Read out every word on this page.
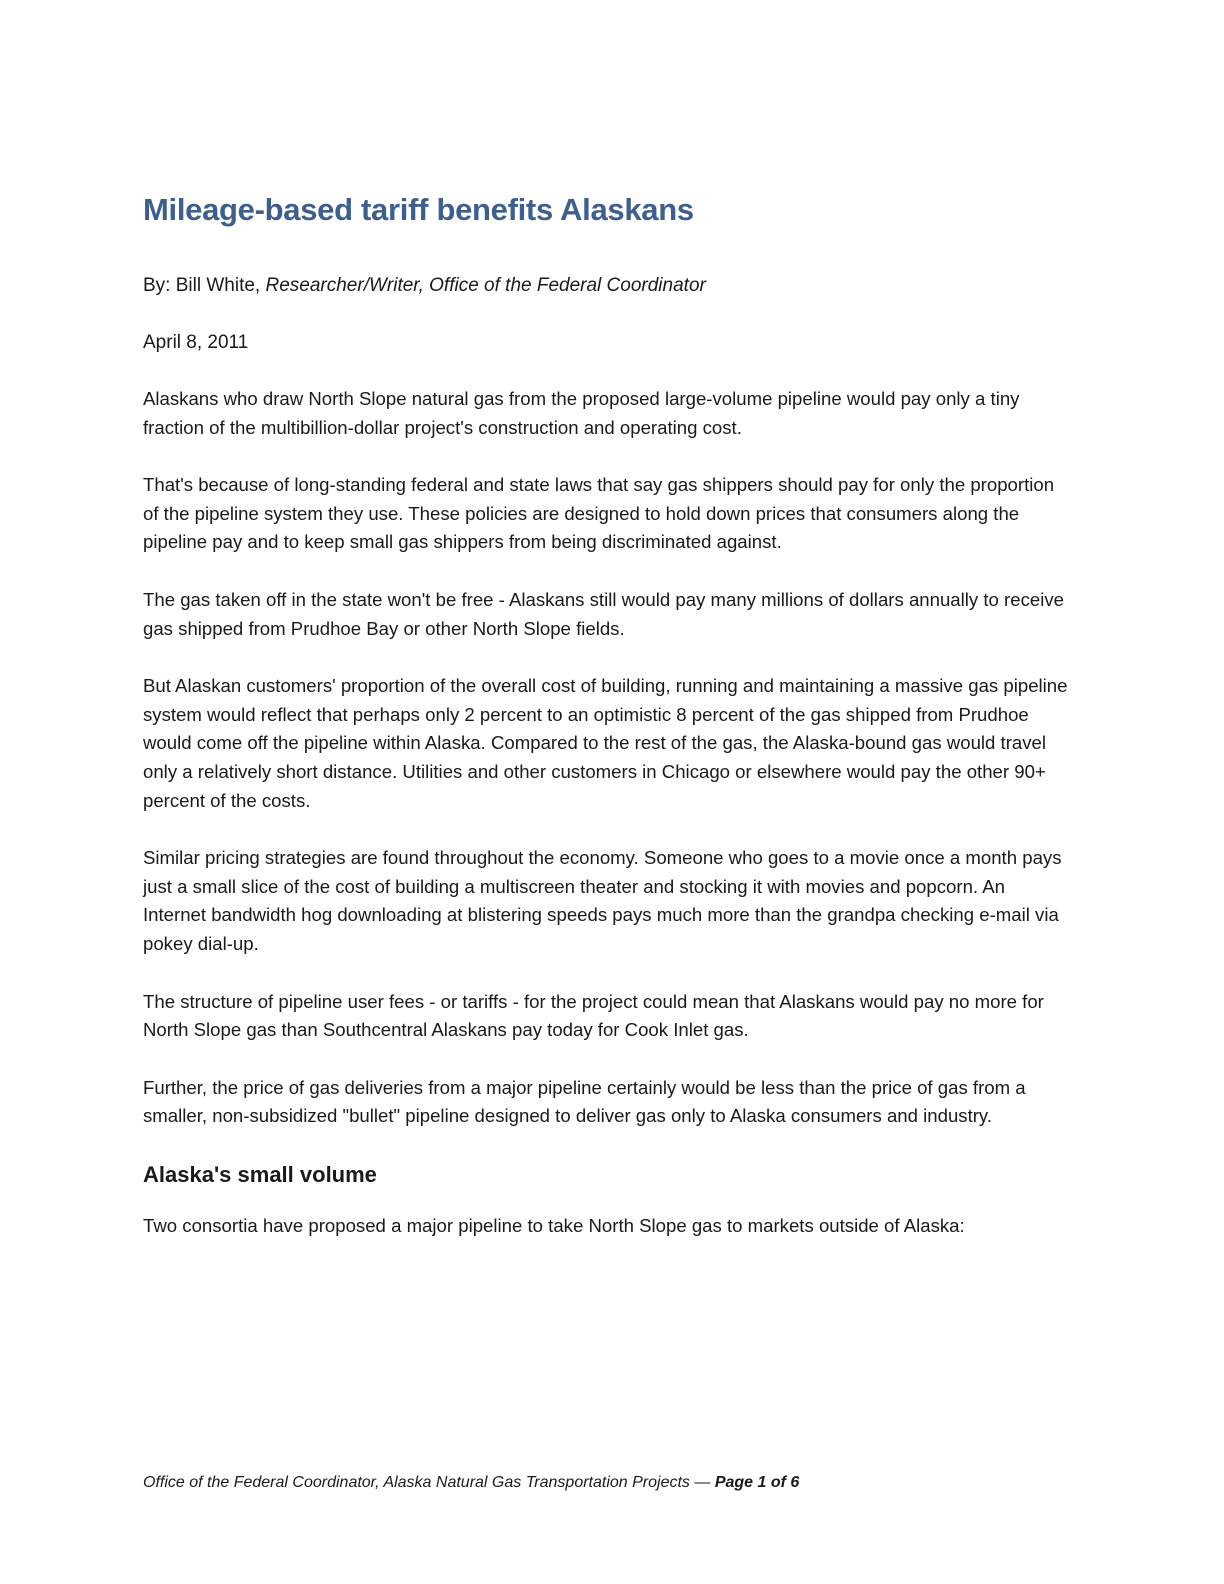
Mileage-based tariff benefits Alaskans

By: Bill White, Researcher/Writer, Office of the Federal Coordinator

April 8, 2011

Alaskans who draw North Slope natural gas from the proposed large-volume pipeline would pay only a tiny fraction of the multibillion-dollar project's construction and operating cost.

That's because of long-standing federal and state laws that say gas shippers should pay for only the proportion of the pipeline system they use. These policies are designed to hold down prices that consumers along the pipeline pay and to keep small gas shippers from being discriminated against.

The gas taken off in the state won't be free - Alaskans still would pay many millions of dollars annually to receive gas shipped from Prudhoe Bay or other North Slope fields.

But Alaskan customers' proportion of the overall cost of building, running and maintaining a massive gas pipeline system would reflect that perhaps only 2 percent to an optimistic 8 percent of the gas shipped from Prudhoe would come off the pipeline within Alaska. Compared to the rest of the gas, the Alaska-bound gas would travel only a relatively short distance. Utilities and other customers in Chicago or elsewhere would pay the other 90+ percent of the costs.

Similar pricing strategies are found throughout the economy. Someone who goes to a movie once a month pays just a small slice of the cost of building a multiscreen theater and stocking it with movies and popcorn. An Internet bandwidth hog downloading at blistering speeds pays much more than the grandpa checking e-mail via pokey dial-up.

The structure of pipeline user fees - or tariffs - for the project could mean that Alaskans would pay no more for North Slope gas than Southcentral Alaskans pay today for Cook Inlet gas.

Further, the price of gas deliveries from a major pipeline certainly would be less than the price of gas from a smaller, non-subsidized "bullet" pipeline designed to deliver gas only to Alaska consumers and industry.

Alaska's small volume

Two consortia have proposed a major pipeline to take North Slope gas to markets outside of Alaska:

Office of the Federal Coordinator, Alaska Natural Gas Transportation Projects — Page 1 of 6
